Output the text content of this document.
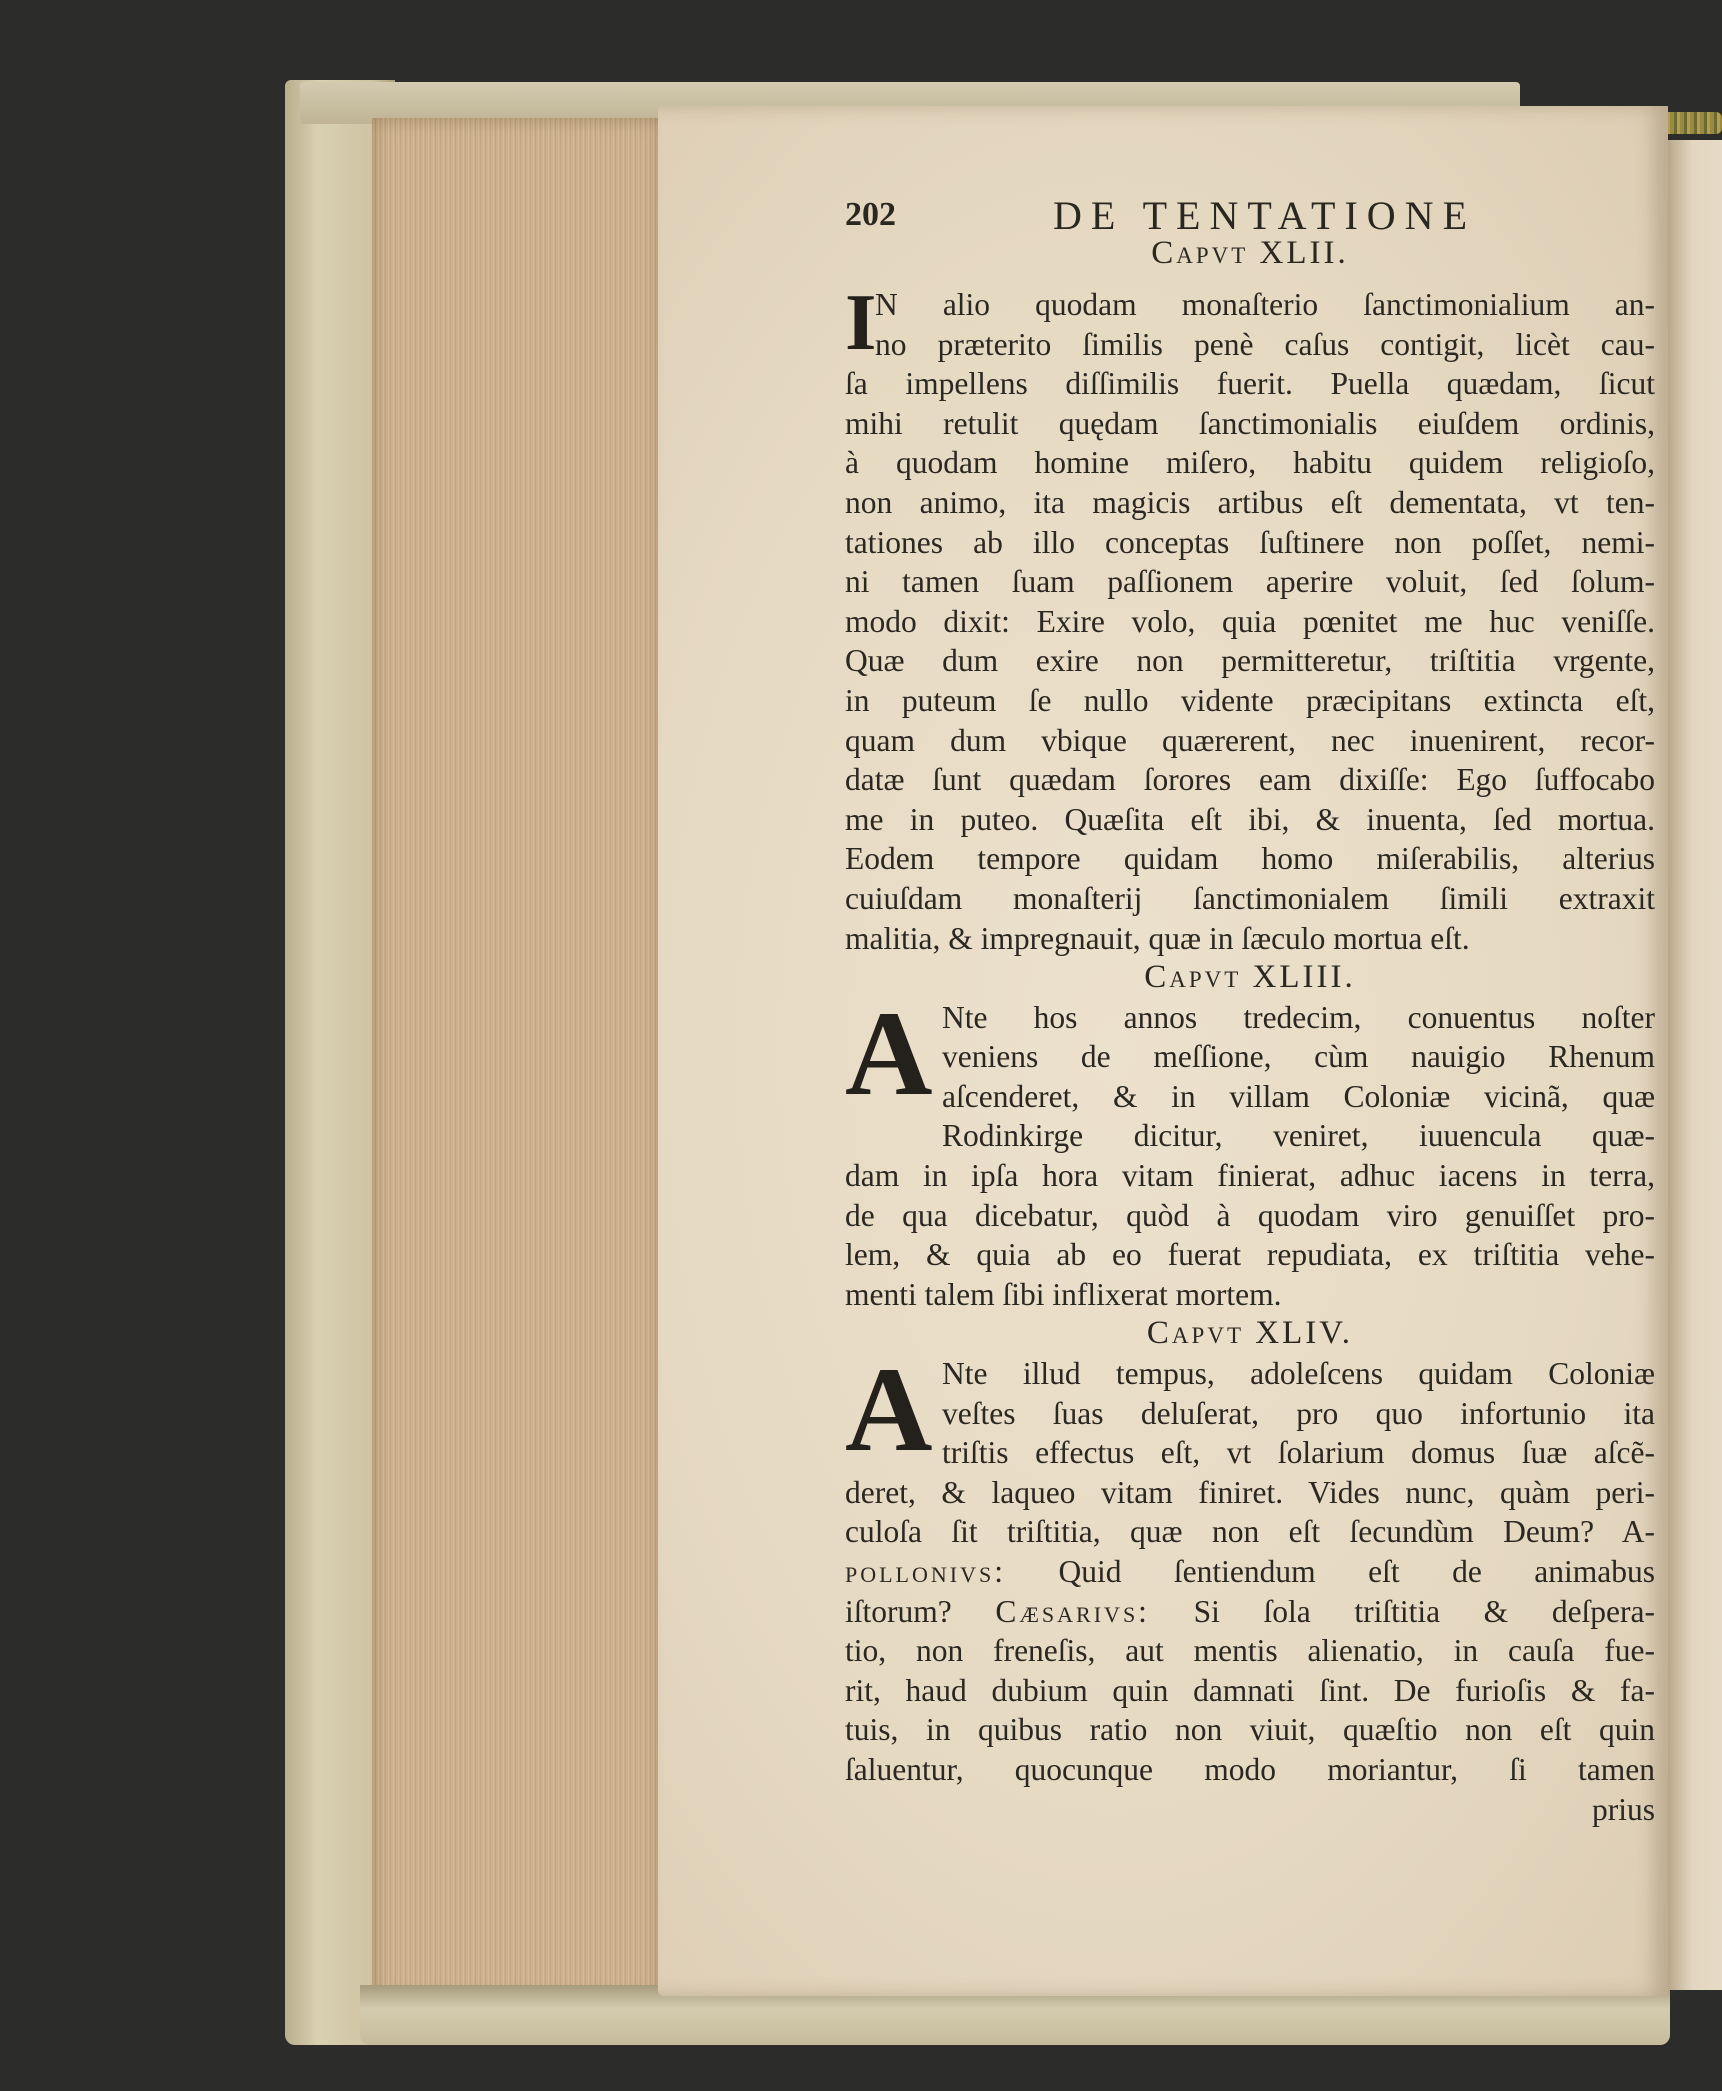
202	DE TENTATIONE
Capvt XLII.
I
N alio quodam monaſterio ſanctimonialium an-
no præterito ſimilis penè caſus contigit, licèt cau-
ſa impellens diſſimilis fuerit. Puella quædam, ſicut
mihi retulit quędam ſanctimonialis eiuſdem ordinis,
à quodam homine miſero, habitu quidem religioſo,
non animo, ita magicis artibus eſt dementata, vt ten-
tationes ab illo conceptas ſuſtinere non poſſet, nemi-
ni tamen ſuam paſſionem aperire voluit, ſed ſolum-
modo dixit: Exire volo, quia pœnitet me huc veniſſe.
Quæ dum exire non permitteretur, triſtitia vrgente,
in puteum ſe nullo vidente præcipitans extincta eſt,
quam dum vbique quærerent, nec inuenirent, recor-
datæ ſunt quædam ſorores eam dixiſſe: Ego ſuffocabo
me in puteo. Quæſita eſt ibi, & inuenta, ſed mortua.
Eodem tempore quidam homo miſerabilis, alterius
cuiuſdam monaſterij ſanctimonialem ſimili extraxit
malitia, & impregnauit, quæ in ſæculo mortua eſt.
Capvt XLIII.
A Nte hos annos tredecim, conuentus noſter
veniens de meſſione, cùm nauigio Rhenum
aſcenderet, & in villam Coloniæ vicinã, quæ
Rodinkirge dicitur, veniret, iuuencula quæ-
dam in ipſa hora vitam finierat, adhuc iacens in terra,
de qua dicebatur, quòd à quodam viro genuiſſet pro-
lem, & quia ab eo fuerat repudiata, ex triſtitia vehe-
menti talem ſibi inflixerat mortem.
Capvt XLIV.
A Nte illud tempus, adoleſcens quidam Coloniæ
veſtes ſuas deluſerat, pro quo infortunio ita
triſtis effectus eſt, vt ſolarium domus ſuæ aſcẽ-
deret, & laqueo vitam finiret. Vides nunc, quàm peri-
culoſa ſit triſtitia, quæ non eſt ſecundùm Deum? A-
pollonivs: Quid ſentiendum eſt de animabus
iſtorum? Cæsarivs: Si ſola triſtitia & deſpera-
tio, non freneſis, aut mentis alienatio, in cauſa fue-
rit, haud dubium quin damnati ſint. De furioſis & fa-
tuis, in quibus ratio non viuit, quæſtio non eſt quin
ſaluentur, quocunque modo moriantur, ſi tamen
prius
